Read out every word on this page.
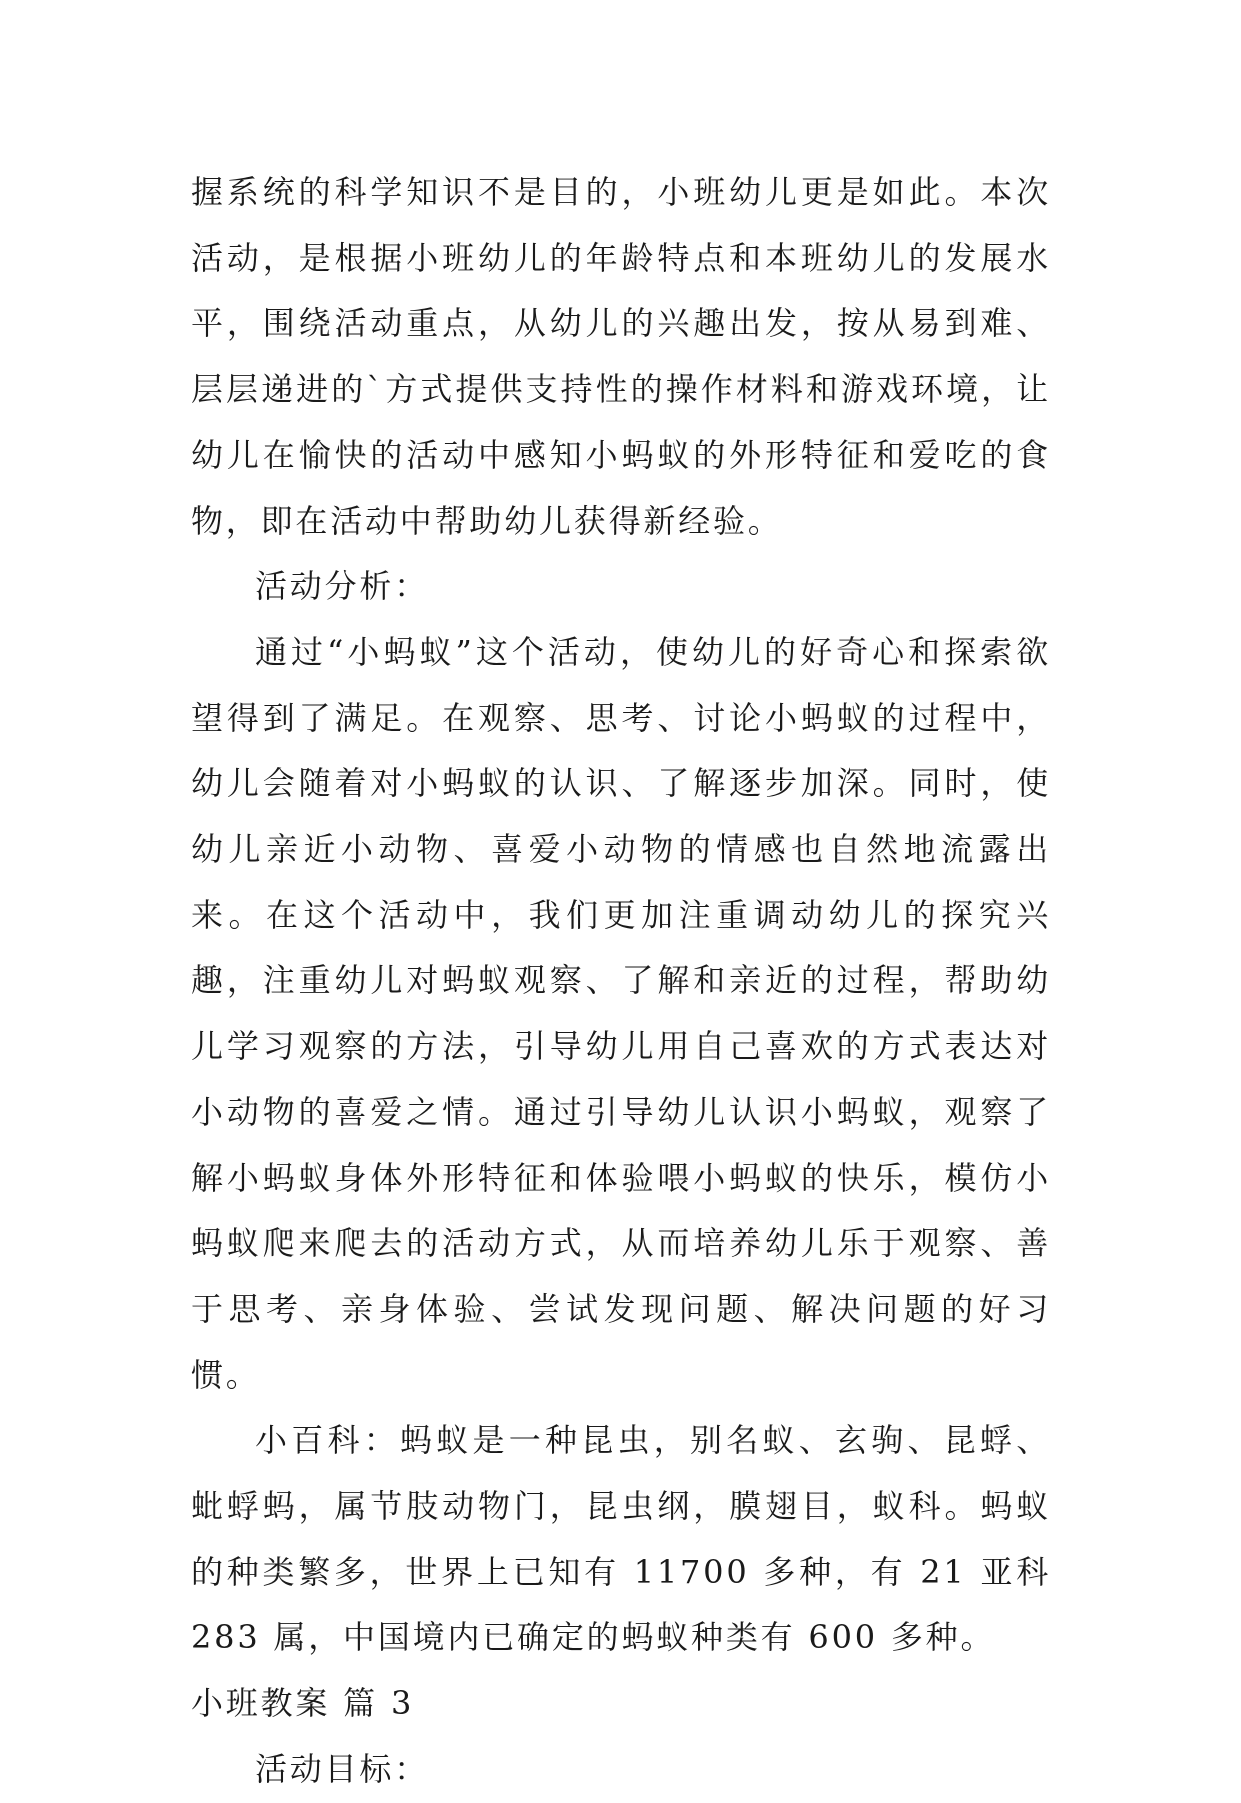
握系统的科学知识不是目的，小班幼儿更是如此。本次活动，是根据小班幼儿的年龄特点和本班幼儿的发展水平，围绕活动重点，从幼儿的兴趣出发，按从易到难、层层递进的`方式提供支持性的操作材料和游戏环境，让幼儿在愉快的活动中感知小蚂蚁的外形特征和爱吃的食物，即在活动中帮助幼儿获得新经验。

活动分析：

通过“小蚂蚁”这个活动，使幼儿的好奇心和探索欲望得到了满足。在观察、思考、讨论小蚂蚁的过程中，幼儿会随着对小蚂蚁的认识、了解逐步加深。同时，使幼儿亲近小动物、喜爱小动物的情感也自然地流露出来。在这个活动中，我们更加注重调动幼儿的探究兴趣，注重幼儿对蚂蚁观察、了解和亲近的过程，帮助幼儿学习观察的方法，引导幼儿用自己喜欢的方式表达对小动物的喜爱之情。通过引导幼儿认识小蚂蚁，观察了解小蚂蚁身体外形特征和体验喂小蚂蚁的快乐，模仿小蚂蚁爬来爬去的活动方式，从而培养幼儿乐于观察、善于思考、亲身体验、尝试发现问题、解决问题的好习惯。

小百科：蚂蚁是一种昆虫，别名蚁、玄驹、昆蜉、蚍蜉蚂，属节肢动物门，昆虫纲，膜翅目，蚁科。蚂蚁的种类繁多，世界上已知有 11700 多种，有 21 亚科 283 属，中国境内已确定的蚂蚁种类有 600 多种。

小班教案 篇 3

活动目标：
